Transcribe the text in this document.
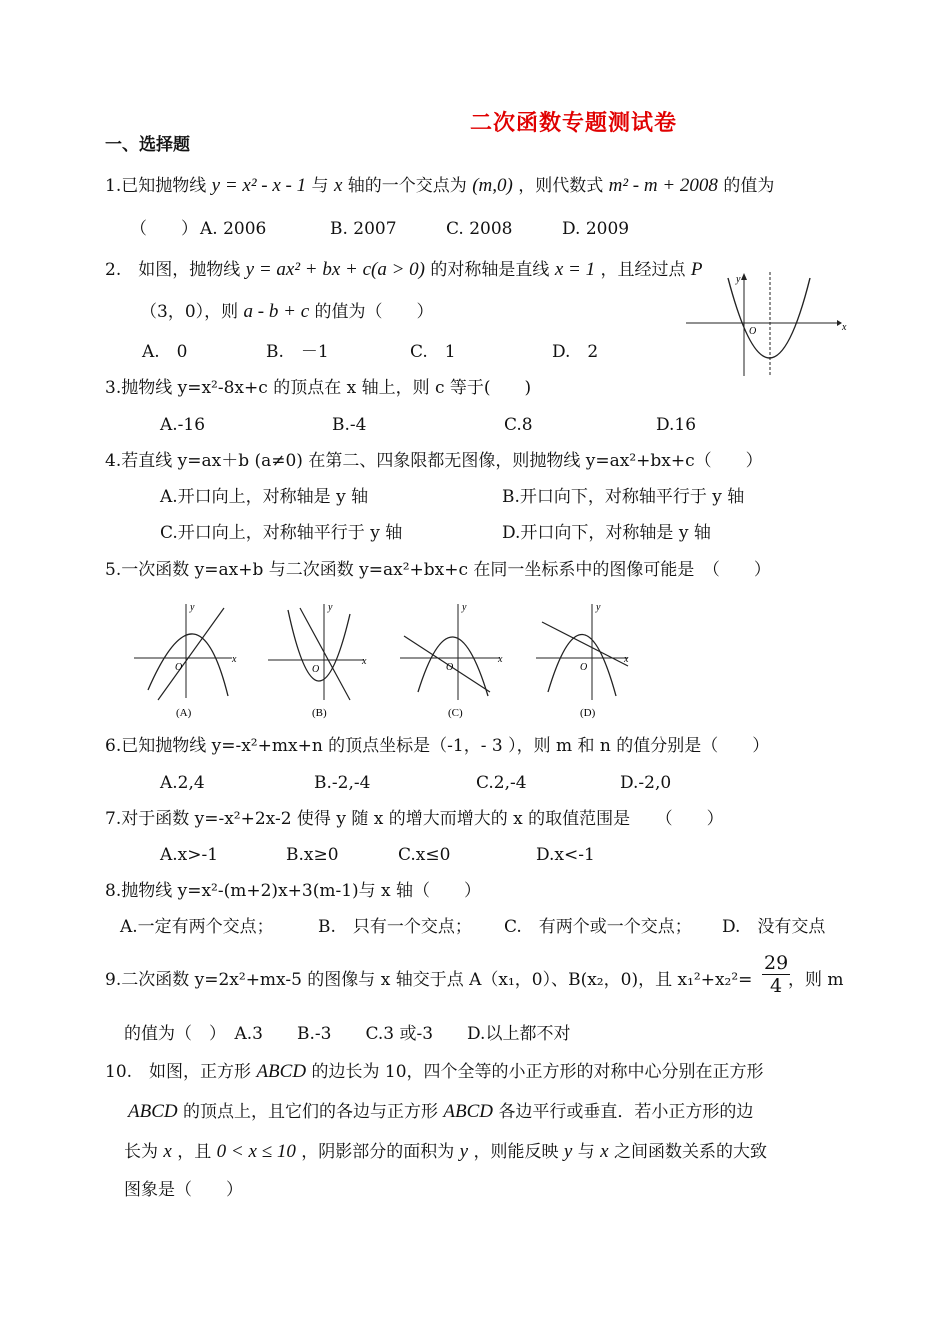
二次函数专题测试卷
一、选择题
1.已知抛物线 y = x² - x - 1 与 x 轴的一个交点为 (m,0) ，则代数式 m² - m + 2008 的值为
（　　） A. 2006	B. 2007	C. 2008	D. 2009
2.　如图，抛物线 y = ax² + bx + c(a > 0) 的对称轴是直线 x = 1 ，且经过点 P
（3，0），则 a - b + c 的值为（　　）
A.　0	B.　－1	C.　1	D.　2
x
y
O
3.抛物线 y=x²-8x+c 的顶点在 x 轴上，则 c 等于(　　)
A.-16	B.-4	C.8	D.16
4.若直线 y=ax＋b (a≠0) 在第二、四象限都无图像，则抛物线 y=ax²+bx+c（　　）
A.开口向上，对称轴是 y 轴	B.开口向下，对称轴平行于 y 轴
C.开口向上，对称轴平行于 y 轴	D.开口向下，对称轴是 y 轴
5.一次函数 y=ax+b 与二次函数 y=ax²+bx+c 在同一坐标系中的图像可能是　（　　）
x
y
O
(A)
x
y
O
(B)
x
y
O
(C)
x
y
O
(D)
6.已知抛物线 y=-x²+mx+n 的顶点坐标是（-1，- 3 ），则 m 和 n 的值分别是（　　）
A.2,4	B.-2,-4	C.2,-4	D.-2,0
7.对于函数 y=-x²+2x-2 使得 y 随 x 的增大而增大的 x 的取值范围是　　（　　）
A.x>-1	B.x≥0	C.x≤0	D.x<-1
8.抛物线 y=x²-(m+2)x+3(m-1)与 x 轴（　　）
A.一定有两个交点；	B.　只有一个交点； C.　有两个或一个交点； D.　没有交点
9.二次函数 y=2x²+mx-5 的图像与 x 轴交于点 A（x₁，0）、B(x₂，0)，且 $x_1^2+x_2^2= \frac{29}{4}$
，则 m
的值为（　）　A.3　　B.-3　　C.3 或-3　　D.以上都不对
10.　如图，正方形 ABCD 的边长为 10，四个全等的小正方形的对称中心分别在正方形
ABCD 的顶点上，且它们的各边与正方形 ABCD 各边平行或垂直．若小正方形的边
长为 x ，且 0 < x ≤ 10 ，阴影部分的面积为 y ，则能反映 y 与 x 之间函数关系的大致
图象是（　　）
